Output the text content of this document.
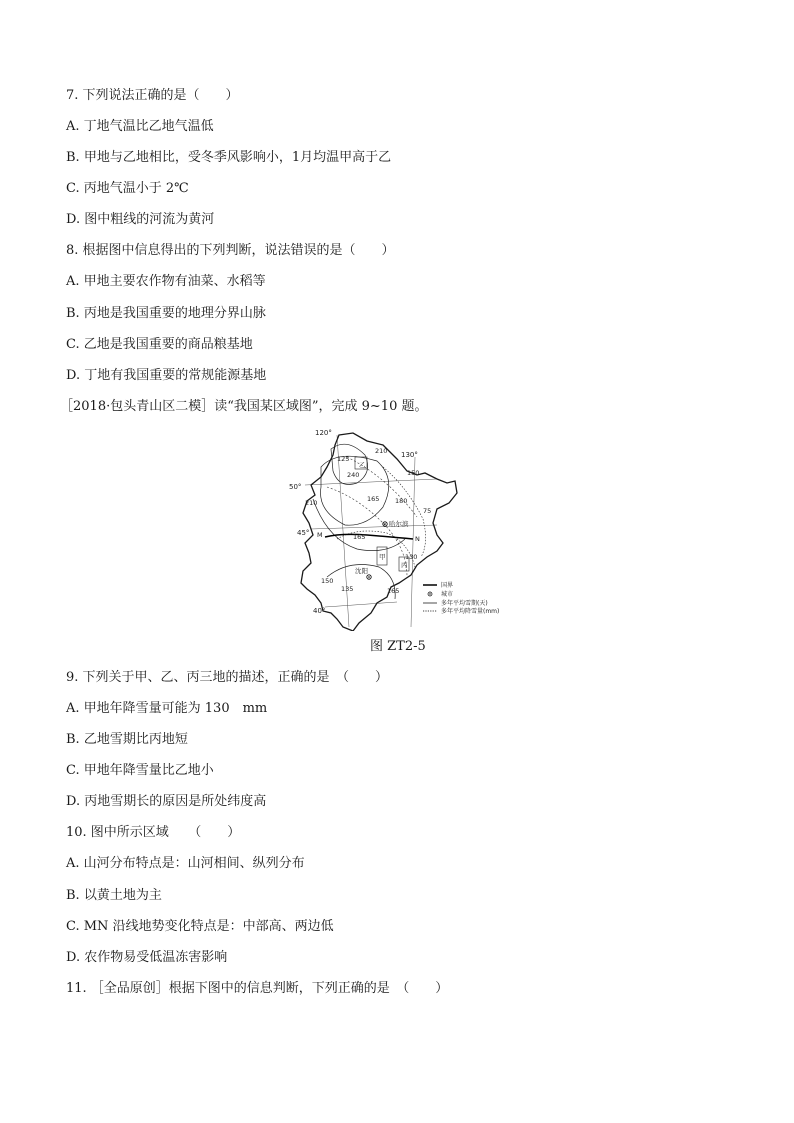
7. 下列说法正确的是（　　）
A. 丁地气温比乙地气温低
B. 甲地与乙地相比，受冬季风影响小，1月均温甲高于乙
C. 丙地气温小于 2℃
D. 图中粗线的河流为黄河
8. 根据图中信息得出的下列判断，说法错误的是（　　）
A. 甲地主要农作物有油菜、水稻等
B. 丙地是我国重要的地理分界山脉
C. 乙地是我国重要的商品粮基地
D. 丁地有我国重要的常规能源基地
［2018·包头青山区二模］读“我国某区域图”，完成 9~10 题。
120°
130°
50°
45°
40°
哈尔滨
沈阳
乙
甲
丙
M	N
125
210
240
180
210
150
165
75
165
150
135	165
130
国界
城市
多年平均雪期(天)
多年平均降雪量(mm)
图 ZT2-5
9. 下列关于甲、乙、丙三地的描述，正确的是　（　　）
A. 甲地年降雪量可能为 130　mm
B. 乙地雪期比丙地短
C. 甲地年降雪量比乙地小
D. 丙地雪期长的原因是所处纬度高
10. 图中所示区域　　（　　）
A. 山河分布特点是：山河相间、纵列分布
B. 以黄土地为主
C. MN 沿线地势变化特点是：中部高、两边低
D. 农作物易受低温冻害影响
11. ［全品原创］根据下图中的信息判断，下列正确的是　（　　）
